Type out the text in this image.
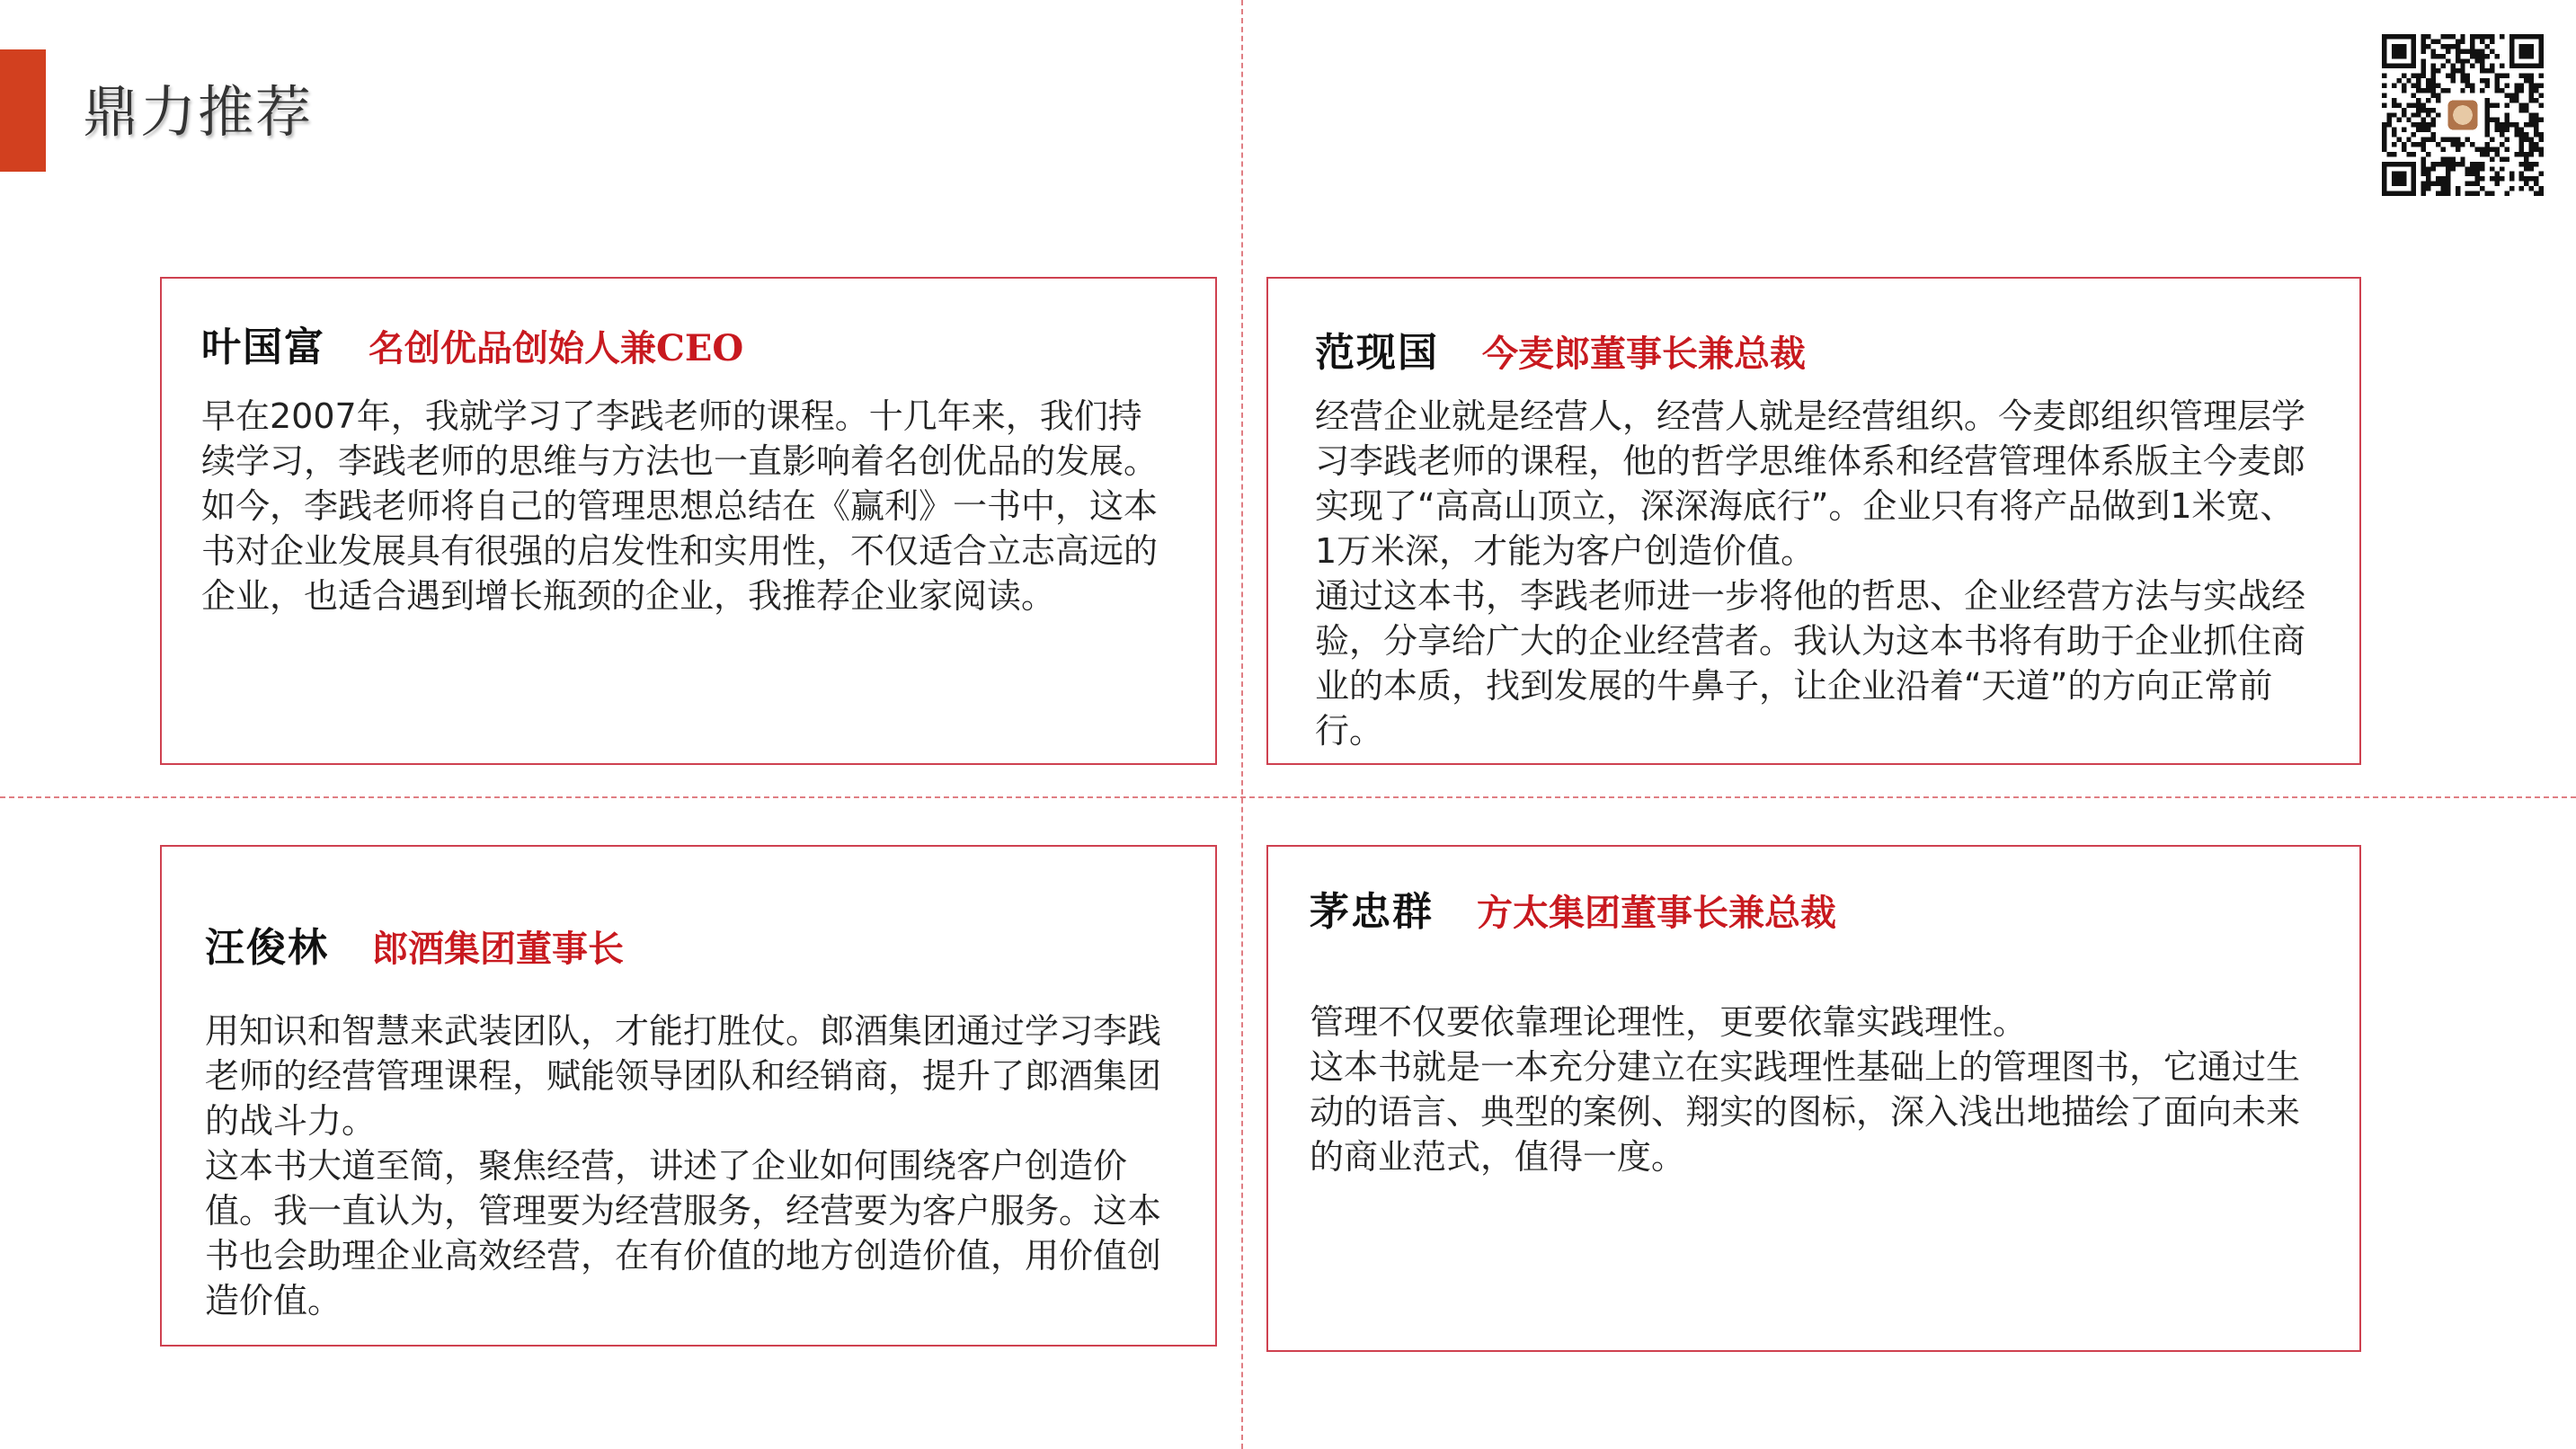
鼎力推荐
叶国富 名创优品创始人兼CEO

早在2007年，我就学习了李践老师的课程。十几年来，我们持续学习，李践老师的思维与方法也一直影响着名创优品的发展。

如今，李践老师将自己的管理思想总结在《赢利》一书中，这本书对企业发展具有很强的启发性和实用性，不仅适合立志高远的企业，也适合遇到增长瓶颈的企业，我推荐企业家阅读。

范现国 今麦郎董事长兼总裁

经营企业就是经营人，经营人就是经营组织。今麦郎组织管理层学习李践老师的课程，他的哲学思维体系和经营管理体系版主今麦郎实现了“高高山顶立，深深海底行”。企业只有将产品做到1米宽、1万米深，才能为客户创造价值。

通过这本书，李践老师进一步将他的哲思、企业经营方法与实战经验，分享给广大的企业经营者。我认为这本书将有助于企业抓住商业的本质，找到发展的牛鼻子，让企业沿着“天道”的方向正常前行。

汪俊林 郎酒集团董事长

用知识和智慧来武装团队，才能打胜仗。郎酒集团通过学习李践老师的经营管理课程，赋能领导团队和经销商，提升了郎酒集团的战斗力。

这本书大道至简，聚焦经营，讲述了企业如何围绕客户创造价值。我一直认为，管理要为经营服务，经营要为客户服务。这本书也会助理企业高效经营，在有价值的地方创造价值，用价值创造价值。

茅忠群 方太集团董事长兼总裁

管理不仅要依靠理论理性，更要依靠实践理性。

这本书就是一本充分建立在实践理性基础上的管理图书，它通过生动的语言、典型的案例、翔实的图标，深入浅出地描绘了面向未来的商业范式，值得一度。
